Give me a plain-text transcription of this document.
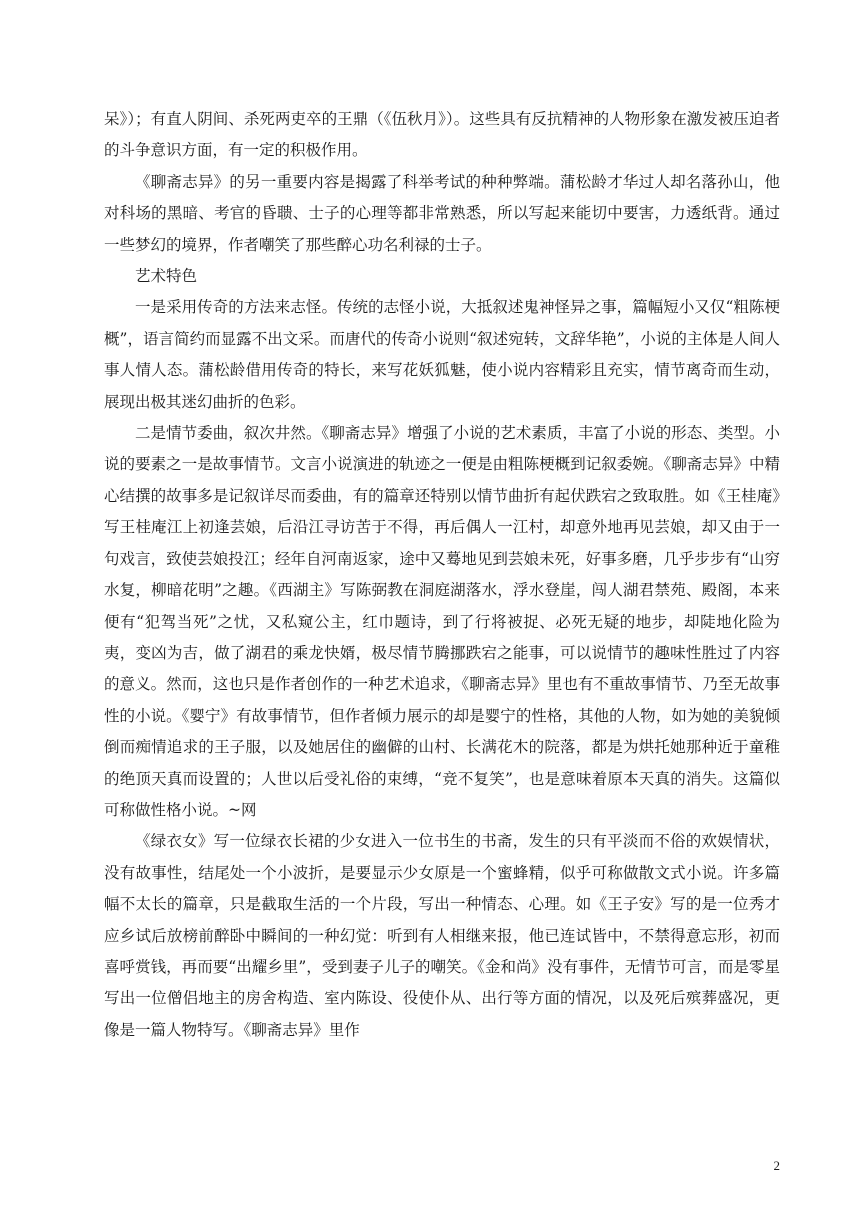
呆》）；有直人阴间、杀死两吏卒的王鼎（《伍秋月》）。这些具有反抗精神的人物形象在激发被压迫者的斗争意识方面，有一定的积极作用。

《聊斋志异》的另一重要内容是揭露了科举考试的种种弊端。蒲松龄才华过人却名落孙山，他对科场的黑暗、考官的昏聩、士子的心理等都非常熟悉，所以写起来能切中要害，力透纸背。通过一些梦幻的境界，作者嘲笑了那些醉心功名利禄的士子。

艺术特色

一是采用传奇的方法来志怪。传统的志怪小说，大抵叙述鬼神怪异之事，篇幅短小又仅“粗陈梗概”，语言简约而显露不出文采。而唐代的传奇小说则“叙述宛转，文辞华艳”，小说的主体是人间人事人情人态。蒲松龄借用传奇的特长，来写花妖狐魅，使小说内容精彩且充实，情节离奇而生动，展现出极其迷幻曲折的色彩。

二是情节委曲，叙次井然。《聊斋志异》增强了小说的艺术素质，丰富了小说的形态、类型。小说的要素之一是故事情节。文言小说演进的轨迹之一便是由粗陈梗概到记叙委婉。《聊斋志异》中精心结撰的故事多是记叙详尽而委曲，有的篇章还特别以情节曲折有起伏跌宕之致取胜。如《王桂庵》写王桂庵江上初逢芸娘，后沿江寻访苦于不得，再后偶人一江村，却意外地再见芸娘，却又由于一句戏言，致使芸娘投江；经年自河南返家，途中又蓦地见到芸娘未死，好事多磨，几乎步步有“山穷水复，柳暗花明”之趣。《西湖主》写陈弼教在洞庭湖落水，浮水登崖，闯人湖君禁苑、殿阁，本来便有“犯驾当死”之忧，又私窥公主，红巾题诗，到了行将被捉、必死无疑的地步，却陡地化险为夷，变凶为吉，做了湖君的乘龙快婿，极尽情节腾挪跌宕之能事，可以说情节的趣味性胜过了内容的意义。然而，这也只是作者创作的一种艺术追求，《聊斋志异》里也有不重故事情节、乃至无故事性的小说。《婴宁》有故事情节，但作者倾力展示的却是婴宁的性格，其他的人物，如为她的美貌倾倒而痴情追求的王子服，以及她居住的幽僻的山村、长满花木的院落，都是为烘托她那种近于童稚的绝顶天真而设置的；人世以后受礼俗的束缚，“竞不复笑”，也是意味着原本天真的消失。这篇似可称做性格小说。~网

《绿衣女》写一位绿衣长裙的少女进入一位书生的书斋，发生的只有平淡而不俗的欢娱情状，没有故事性，结尾处一个小波折，是要显示少女原是一个蜜蜂精，似乎可称做散文式小说。许多篇幅不太长的篇章，只是截取生活的一个片段，写出一种情态、心理。如《王子安》写的是一位秀才应乡试后放榜前醉卧中瞬间的一种幻觉：听到有人相继来报，他已连试皆中，不禁得意忘形，初而喜呼赏钱，再而要“出耀乡里”，受到妻子儿子的嘲笑。《金和尚》没有事件，无情节可言，而是零星写出一位僧侣地主的房舍构造、室内陈设、役使仆从、出行等方面的情况，以及死后殡葬盛况，更像是一篇人物特写。《聊斋志异》里作

2
